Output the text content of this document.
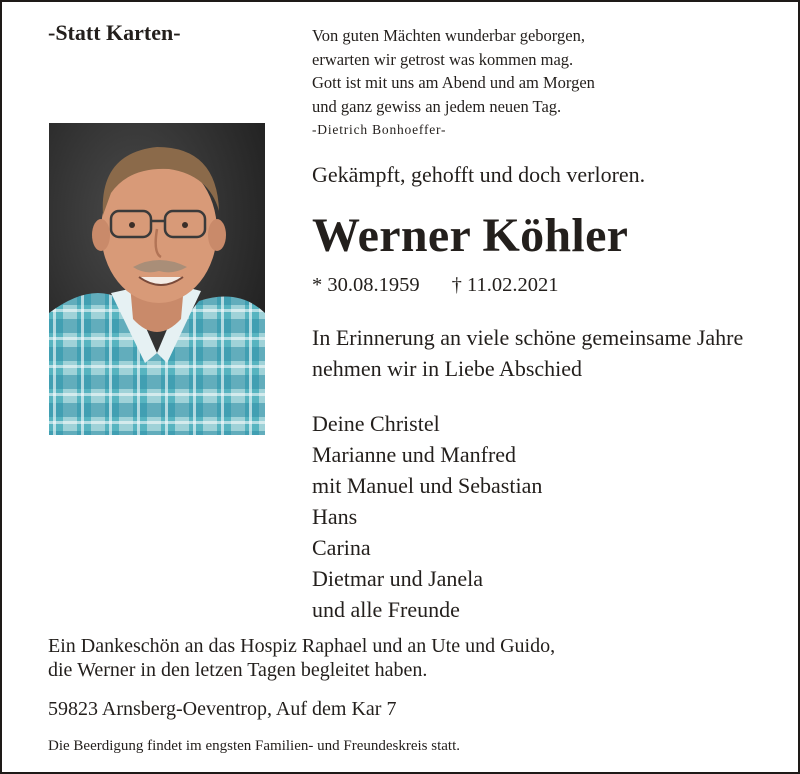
-Statt Karten-	Von guten Mächten wunderbar geborgen,
erwarten wir getrost was kommen mag.
Gott ist mit uns am Abend und am Morgen
und ganz gewiss an jedem neuen Tag.
-Dietrich Bonhoeffer-
Gekämpft, gehofft und doch verloren.
Werner Köhler
* 30.08.1959 † 11.02.2021
In Erinnerung an viele schöne gemeinsame Jahre
nehmen wir in Liebe Abschied
Deine Christel
Marianne und Manfred
mit Manuel und Sebastian
Hans
Carina
Dietmar und Janela
und alle Freunde
Ein Dankeschön an das Hospiz Raphael und an Ute und Guido,
die Werner in den letzen Tagen begleitet haben.
59823 Arnsberg-Oeventrop, Auf dem Kar 7
Die Beerdigung findet im engsten Familien- und Freundeskreis statt.
